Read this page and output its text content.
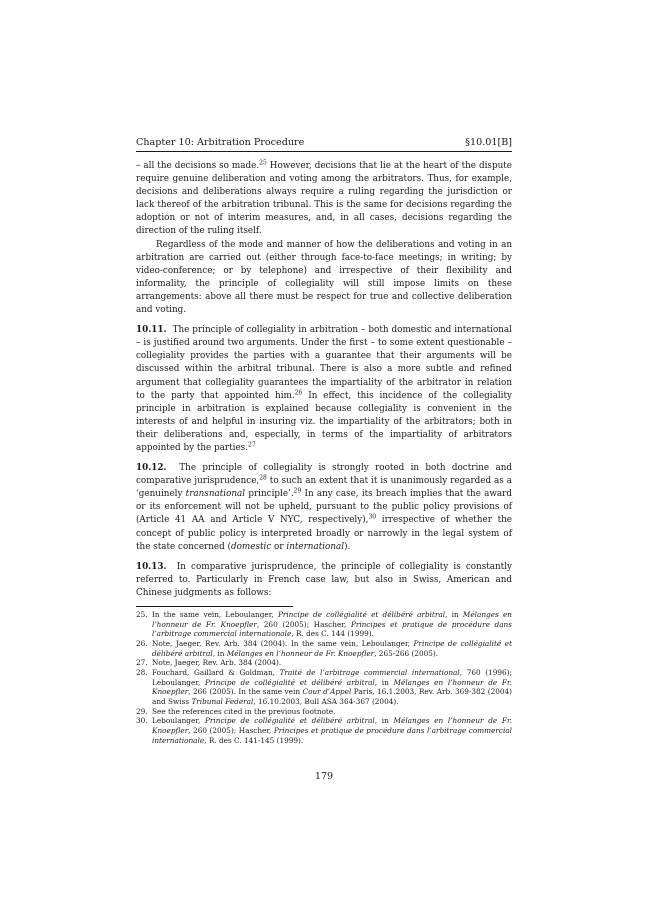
Chapter 10: Arbitration Procedure	§10.01[B]

– all the decisions so made.$^{25}$ However, decisions that lie at the heart of the dispute require genuine deliberation and voting among the arbitrators. Thus, for example, decisions and deliberations always require a ruling regarding the jurisdiction or lack thereof of the arbitration tribunal. This is the same for decisions regarding the adoption or not of interim measures, and, in all cases, decisions regarding the direction of the ruling itself.

Regardless of the mode and manner of how the deliberations and voting in an arbitration are carried out (either through face-to-face meetings; in writing; by video-conference; or by telephone) and irrespective of their flexibility and informality, the principle of collegiality will still impose limits on these arrangements: above all there must be respect for true and collective deliberation and voting.

10.11. The principle of collegiality in arbitration – both domestic and international – is justified around two arguments. Under the first – to some extent questionable – collegiality provides the parties with a guarantee that their arguments will be discussed within the arbitral tribunal. There is also a more subtle and refined argument that collegiality guarantees the impartiality of the arbitrator in relation to the party that appointed him.$^{26}$ In effect, this incidence of the collegiality principle in arbitration is explained because collegiality is convenient in the interests of and helpful in insuring viz. the impartiality of the arbitrators; both in their deliberations and, especially, in terms of the impartiality of arbitrators appointed by the parties.$^{27}$

10.12. The principle of collegiality is strongly rooted in both doctrine and comparative jurisprudence,$^{28}$ to such an extent that it is unanimously regarded as a ‘genuinely transnational principle’.$^{29}$ In any case, its breach implies that the award or its enforcement will not be upheld, pursuant to the public policy provisions of (Article 41 AA and Article V NYC, respectively),$^{30}$ irrespective of whether the concept of public policy is interpreted broadly or narrowly in the legal system of the state concerned (domestic or international).

10.13. In comparative jurisprudence, the principle of collegiality is constantly referred to. Particularly in French case law, but also in Swiss, American and Chinese judgments as follows:

25. In the same vein, Leboulanger, Principe de collégialité et délibéré arbitral, in Mélanges en l’honneur de Fr. Knoepfler, 260 (2005); Hascher, Principes et pratique de procédure dans l’arbitrage commercial internationale, R. des C. 144 (1999).
26. Note, Jaeger, Rev. Arb. 384 (2004). In the same vein, Leboulanger, Principe de collégialité et délibéré arbitral, in Mélanges en l’honneur de Fr. Knoepfler, 265-266 (2005).
27. Note, Jaeger, Rev. Arb. 384 (2004).
28. Fouchard, Gaillard & Goldman, Traité de l’arbitrage commercial international, 760 (1996); Leboulanger, Principe de collégialité et délibéré arbitral, in Mélanges en l’honneur de Fr. Knoepfler, 266 (2005). In the same vein Cour d’Appel Paris, 16.1.2003, Rev. Arb. 369-382 (2004) and Swiss Tribunal Federal, 16.10.2003, Bull ASA 364-367 (2004).
29. See the references cited in the previous footnote.
30. Leboulanger, Principe de collégialité et délibéré arbitral, in Mélanges en l’honneur de Fr. Knoepfler, 260 (2005); Hascher, Principes et pratique de procédure dans l’arbitrage commercial internationale, R. des C. 141-145 (1999).
179
